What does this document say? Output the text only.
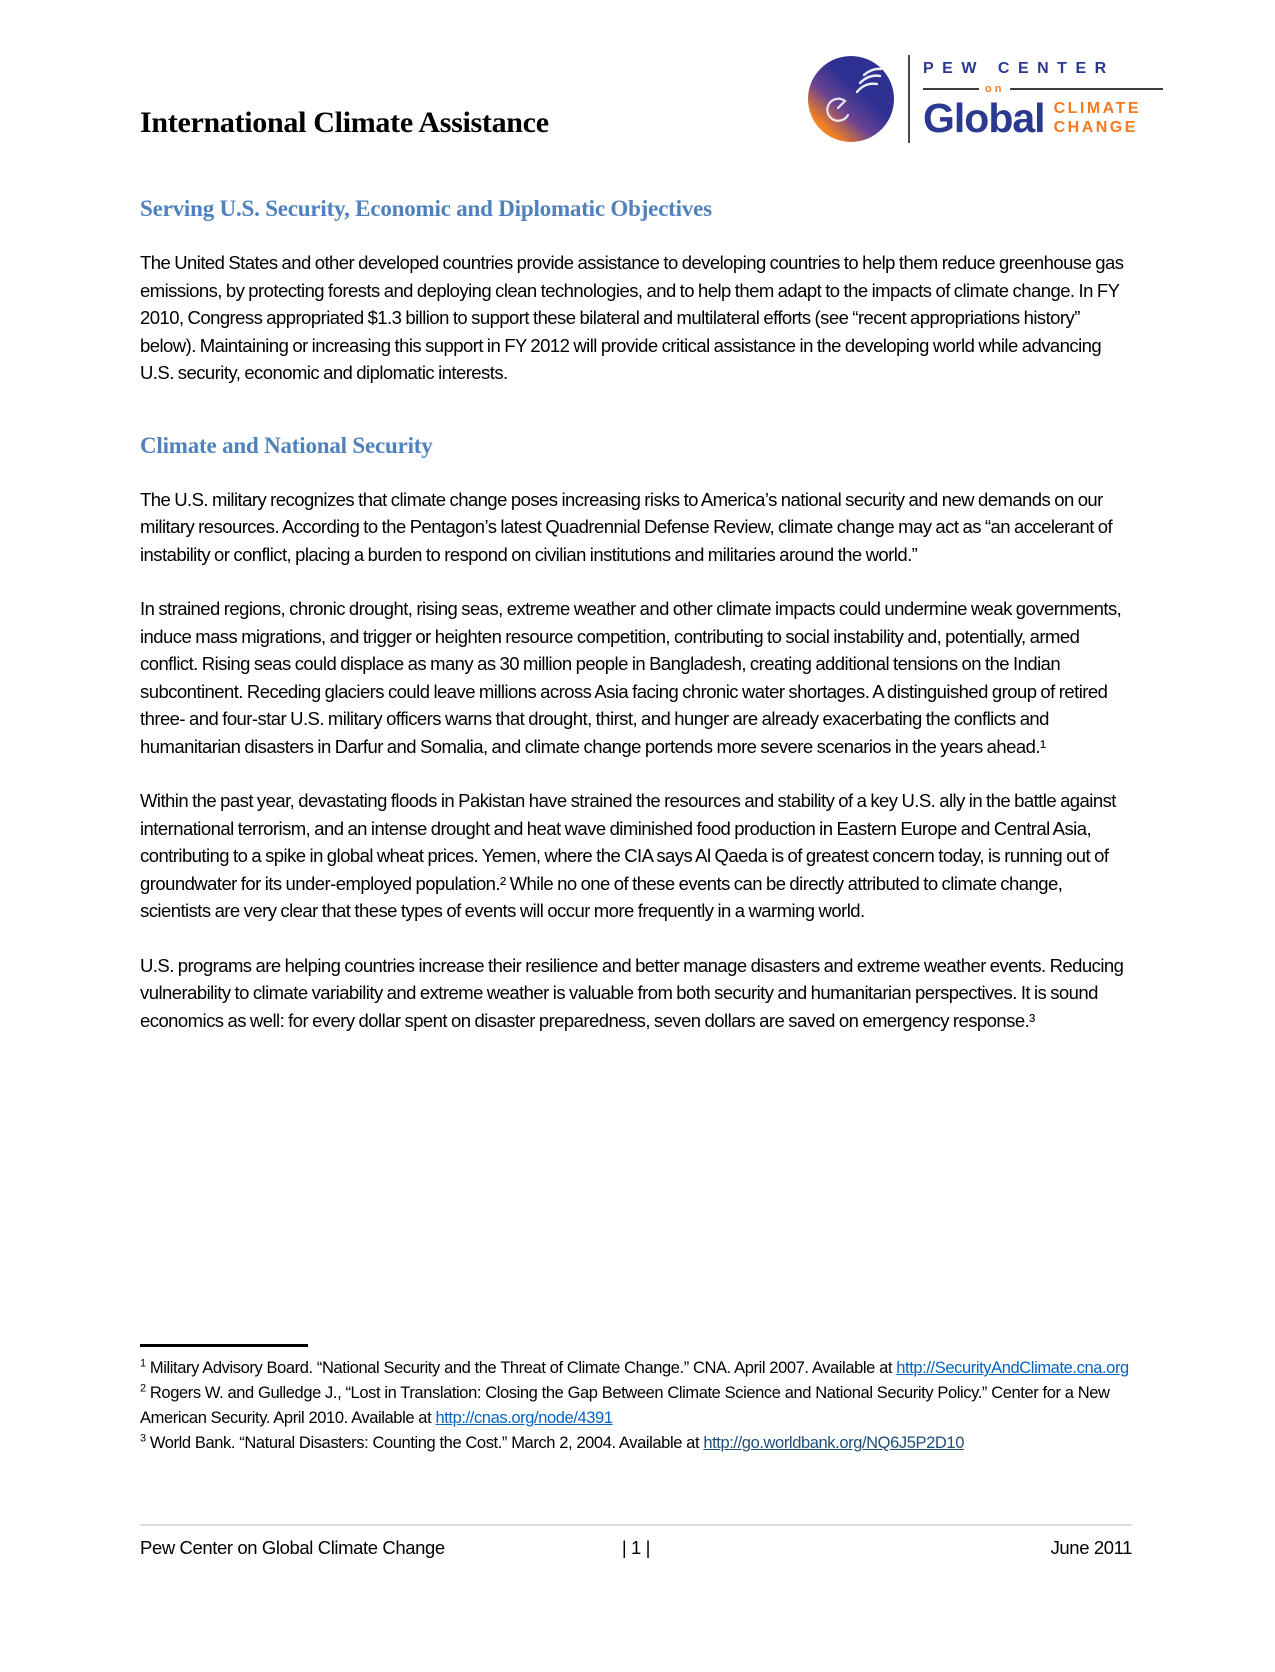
International Climate Assistance
PEW CENTER
on
Global CLIMATE
CHANGE
Serving U.S. Security, Economic and Diplomatic Objectives

The United States and other developed countries provide assistance to developing countries to help them reduce greenhouse gas emissions, by protecting forests and deploying clean technologies, and to help them adapt to the impacts of climate change. In FY 2010, Congress appropriated $1.3 billion to support these bilateral and multilateral efforts (see “recent appropriations history” below). Maintaining or increasing this support in FY 2012 will provide critical assistance in the developing world while advancing U.S. security, economic and diplomatic interests.

Climate and National Security

The U.S. military recognizes that climate change poses increasing risks to America’s national security and new demands on our military resources. According to the Pentagon’s latest Quadrennial Defense Review, climate change may act as “an accelerant of instability or conflict, placing a burden to respond on civilian institutions and militaries around the world.”

In strained regions, chronic drought, rising seas, extreme weather and other climate impacts could undermine weak governments, induce mass migrations, and trigger or heighten resource competition, contributing to social instability and, potentially, armed conflict. Rising seas could displace as many as 30 million people in Bangladesh, creating additional tensions on the Indian subcontinent. Receding glaciers could leave millions across Asia facing chronic water shortages. A distinguished group of retired three- and four-star U.S. military officers warns that drought, thirst, and hunger are already exacerbating the conflicts and humanitarian disasters in Darfur and Somalia, and climate change portends more severe scenarios in the years ahead.¹

Within the past year, devastating floods in Pakistan have strained the resources and stability of a key U.S. ally in the battle against international terrorism, and an intense drought and heat wave diminished food production in Eastern Europe and Central Asia, contributing to a spike in global wheat prices. Yemen, where the CIA says Al Qaeda is of greatest concern today, is running out of groundwater for its under-employed population.² While no one of these events can be directly attributed to climate change, scientists are very clear that these types of events will occur more frequently in a warming world.

U.S. programs are helping countries increase their resilience and better manage disasters and extreme weather events. Reducing vulnerability to climate variability and extreme weather is valuable from both security and humanitarian perspectives. It is sound economics as well: for every dollar spent on disaster preparedness, seven dollars are saved on emergency response.³

$^1$ Military Advisory Board. “National Security and the Threat of Climate Change.” CNA. April 2007. Available at http://SecurityAndClimate.cna.org
$^2$ Rogers W. and Gulledge J., “Lost in Translation: Closing the Gap Between Climate Science and National Security Policy.” Center for a New American Security. April 2010. Available at http://cnas.org/node/4391
$^3$ World Bank. “Natural Disasters: Counting the Cost.” March 2, 2004. Available at http://go.worldbank.org/NQ6J5P2D10
Pew Center on Global Climate Change	| 1 |	June 2011
